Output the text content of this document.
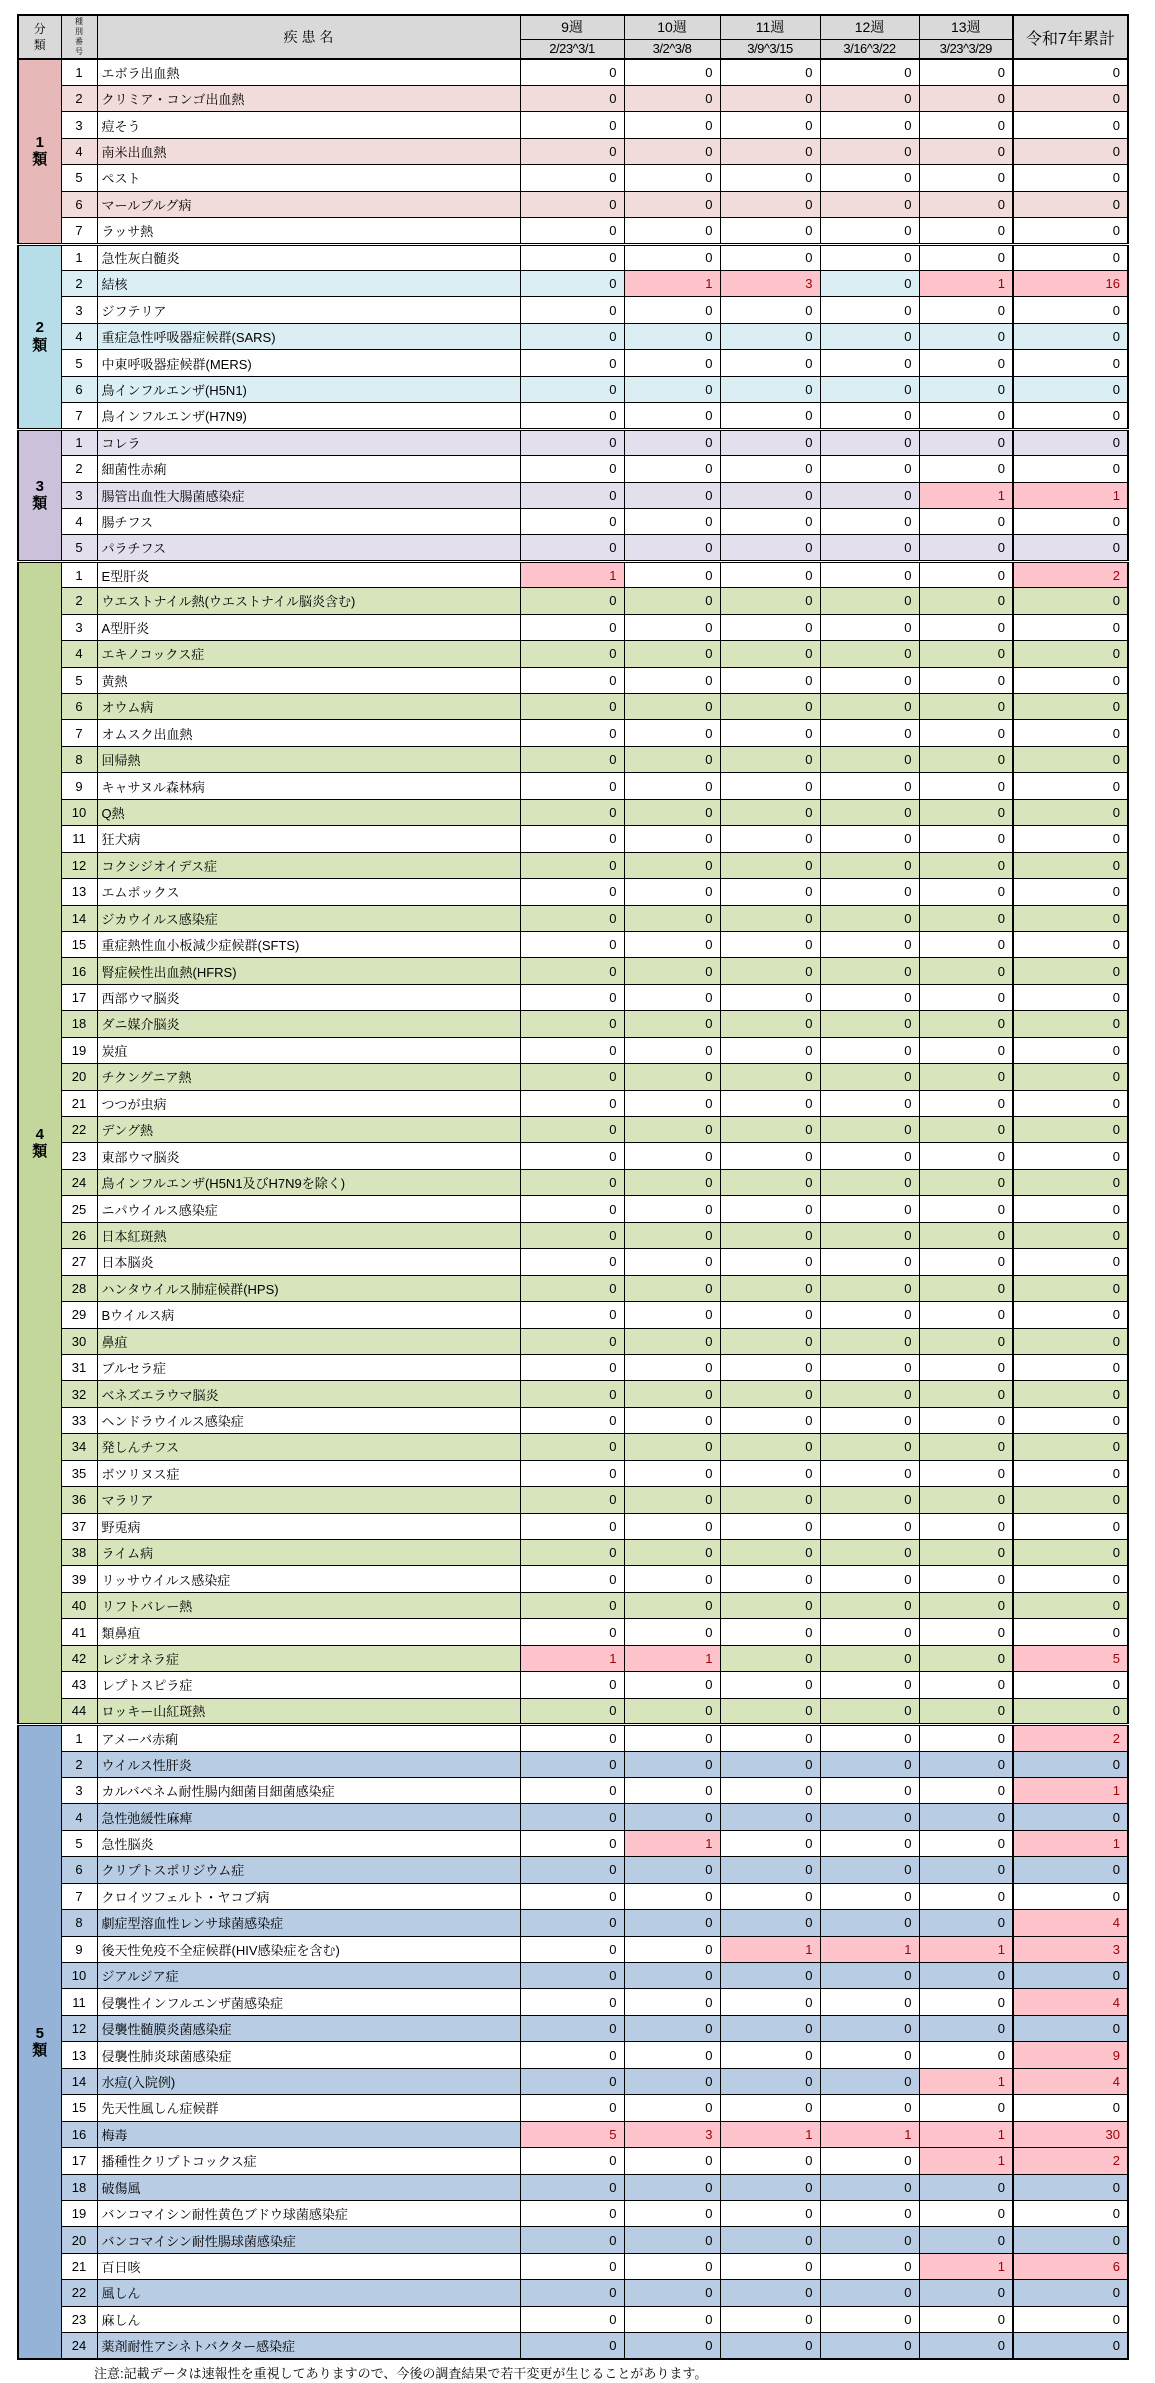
分類	種別番号	疾 患 名	9週	10週	11週	12週	13週	令和7年累計
			2/23^3/1	3/2^3/8	3/9^3/15	3/16^3/22	3/23^3/29	

1類	1	エボラ出血熱	0	0	0	0	0	0
	2	クリミア・コンゴ出血熱	0	0	0	0	0	0
	3	痘そう	0	0	0	0	0	0
	4	南米出血熱	0	0	0	0	0	0
	5	ペスト	0	0	0	0	0	0
	6	マールブルグ病	0	0	0	0	0	0
	7	ラッサ熱	0	0	0	0	0	0

2類	1	急性灰白髄炎	0	0	0	0	0	0
	2	結核	0	1	3	0	1	16
	3	ジフテリア	0	0	0	0	0	0
	4	重症急性呼吸器症候群(SARS)	0	0	0	0	0	0
	5	中東呼吸器症候群(MERS)	0	0	0	0	0	0
	6	鳥インフルエンザ(H5N1)	0	0	0	0	0	0
	7	鳥インフルエンザ(H7N9)	0	0	0	0	0	0

3類	1	コレラ	0	0	0	0	0	0
	2	細菌性赤痢	0	0	0	0	0	0
	3	腸管出血性大腸菌感染症	0	0	0	0	1	1
	4	腸チフス	0	0	0	0	0	0
	5	パラチフス	0	0	0	0	0	0

4類	1	E型肝炎	1	0	0	0	0	2
	2	ウエストナイル熱(ウエストナイル脳炎含む)	0	0	0	0	0	0
	3	A型肝炎	0	0	0	0	0	0
	4	エキノコックス症	0	0	0	0	0	0
	5	黄熱	0	0	0	0	0	0
	6	オウム病	0	0	0	0	0	0
	7	オムスク出血熱	0	0	0	0	0	0
	8	回帰熱	0	0	0	0	0	0
	9	キャサヌル森林病	0	0	0	0	0	0
	10	Q熱	0	0	0	0	0	0
	11	狂犬病	0	0	0	0	0	0
	12	コクシジオイデス症	0	0	0	0	0	0
	13	エムポックス	0	0	0	0	0	0
	14	ジカウイルス感染症	0	0	0	0	0	0
	15	重症熱性血小板減少症候群(SFTS)	0	0	0	0	0	0
	16	腎症候性出血熱(HFRS)	0	0	0	0	0	0
	17	西部ウマ脳炎	0	0	0	0	0	0
	18	ダニ媒介脳炎	0	0	0	0	0	0
	19	炭疽	0	0	0	0	0	0
	20	チクングニア熱	0	0	0	0	0	0
	21	つつが虫病	0	0	0	0	0	0
	22	デング熱	0	0	0	0	0	0
	23	東部ウマ脳炎	0	0	0	0	0	0
	24	鳥インフルエンザ(H5N1及びH7N9を除く)	0	0	0	0	0	0
	25	ニパウイルス感染症	0	0	0	0	0	0
	26	日本紅斑熱	0	0	0	0	0	0
	27	日本脳炎	0	0	0	0	0	0
	28	ハンタウイルス肺症候群(HPS)	0	0	0	0	0	0
	29	Bウイルス病	0	0	0	0	0	0
	30	鼻疽	0	0	0	0	0	0
	31	ブルセラ症	0	0	0	0	0	0
	32	ベネズエラウマ脳炎	0	0	0	0	0	0
	33	ヘンドラウイルス感染症	0	0	0	0	0	0
	34	発しんチフス	0	0	0	0	0	0
	35	ボツリヌス症	0	0	0	0	0	0
	36	マラリア	0	0	0	0	0	0
	37	野兎病	0	0	0	0	0	0
	38	ライム病	0	0	0	0	0	0
	39	リッサウイルス感染症	0	0	0	0	0	0
	40	リフトバレー熱	0	0	0	0	0	0
	41	類鼻疽	0	0	0	0	0	0
	42	レジオネラ症	1	1	0	0	0	5
	43	レプトスピラ症	0	0	0	0	0	0
	44	ロッキー山紅斑熱	0	0	0	0	0	0

5類	1	アメーバ赤痢	0	0	0	0	0	2
	2	ウイルス性肝炎	0	0	0	0	0	0
	3	カルバペネム耐性腸内細菌目細菌感染症	0	0	0	0	0	1
	4	急性弛緩性麻痺	0	0	0	0	0	0
	5	急性脳炎	0	1	0	0	0	1
	6	クリプトスポリジウム症	0	0	0	0	0	0
	7	クロイツフェルト・ヤコブ病	0	0	0	0	0	0
	8	劇症型溶血性レンサ球菌感染症	0	0	0	0	0	4
	9	後天性免疫不全症候群(HIV感染症を含む)	0	0	1	1	1	3
	10	ジアルジア症	0	0	0	0	0	0
	11	侵襲性インフルエンザ菌感染症	0	0	0	0	0	4
	12	侵襲性髄膜炎菌感染症	0	0	0	0	0	0
	13	侵襲性肺炎球菌感染症	0	0	0	0	0	9
	14	水痘(入院例)	0	0	0	0	1	4
	15	先天性風しん症候群	0	0	0	0	0	0
	16	梅毒	5	3	1	1	1	30
	17	播種性クリプトコックス症	0	0	0	0	1	2
	18	破傷風	0	0	0	0	0	0
	19	バンコマイシン耐性黄色ブドウ球菌感染症	0	0	0	0	0	0
	20	バンコマイシン耐性腸球菌感染症	0	0	0	0	0	0
	21	百日咳	0	0	0	0	1	6
	22	風しん	0	0	0	0	0	0
	23	麻しん	0	0	0	0	0	0
	24	薬剤耐性アシネトバクター感染症	0	0	0	0	0	0
注意:記載データは速報性を重視してありますので、今後の調査結果で若干変更が生じることがあります。
